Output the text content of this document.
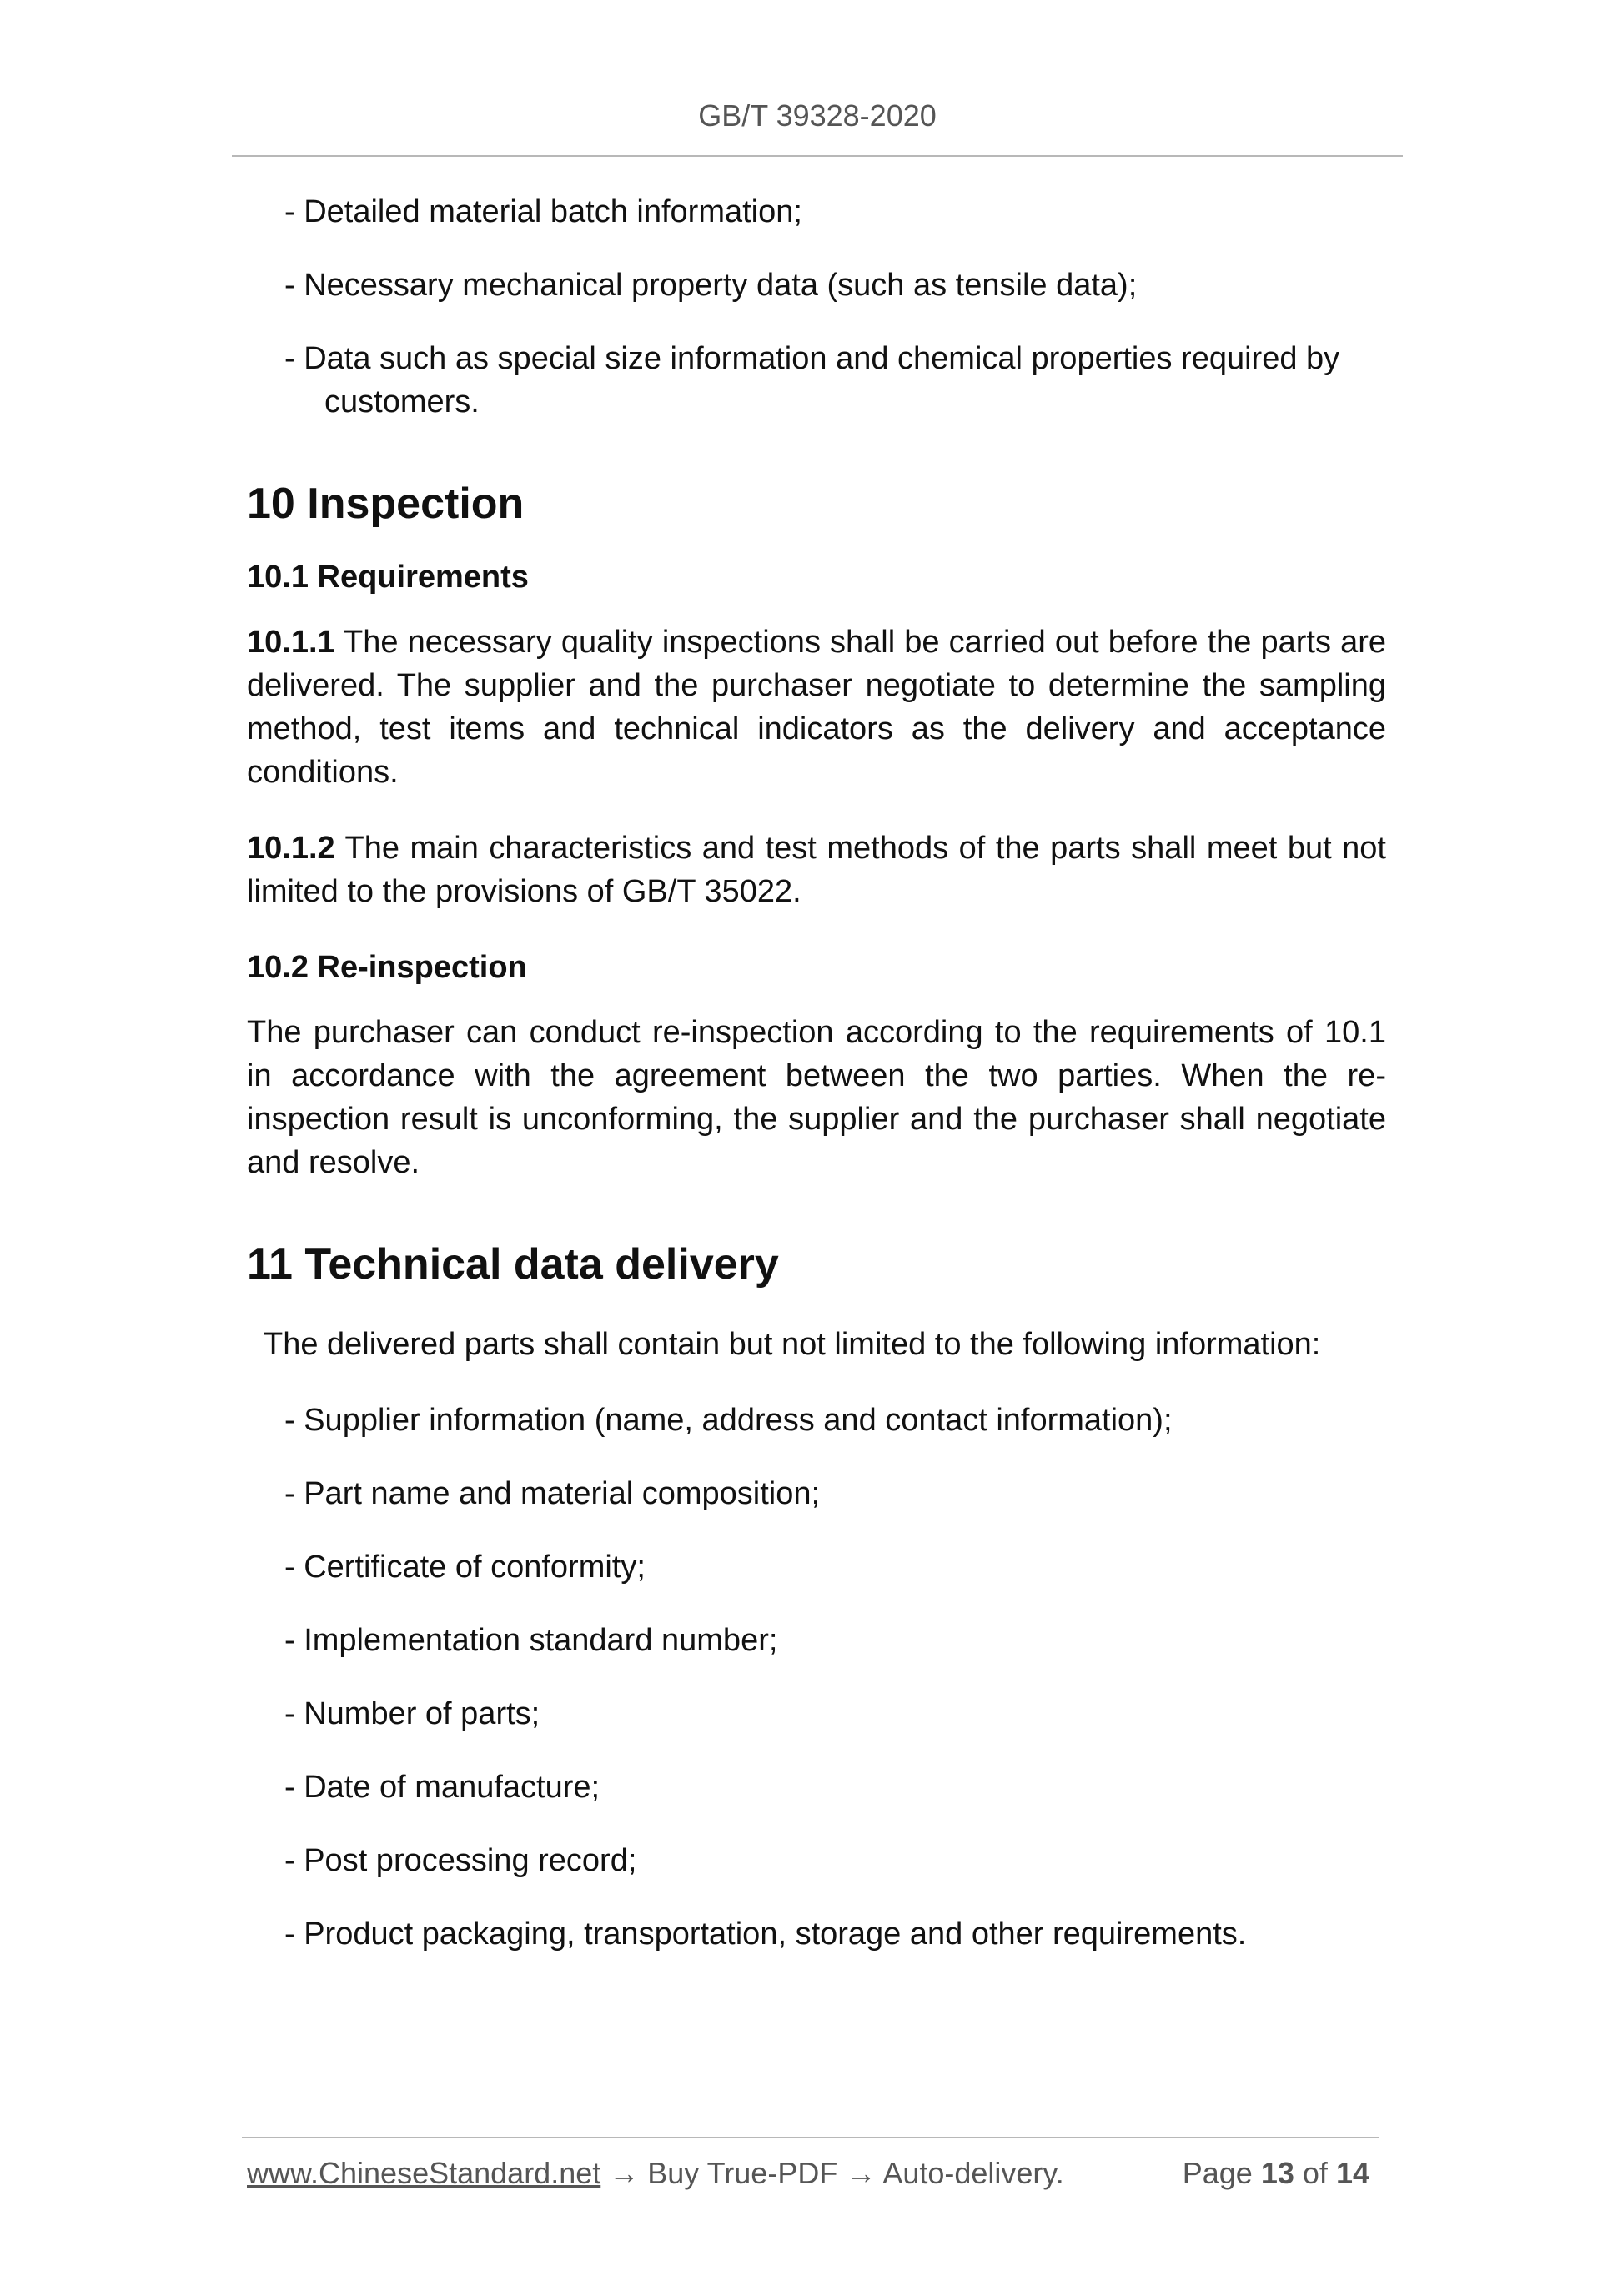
GB/T 39328-2020
- Detailed material batch information;
- Necessary mechanical property data (such as tensile data);
- Data such as special size information and chemical properties required by customers.
10 Inspection
10.1 Requirements

10.1.1 The necessary quality inspections shall be carried out before the parts are delivered. The supplier and the purchaser negotiate to determine the sampling method, test items and technical indicators as the delivery and acceptance conditions.

10.1.2 The main characteristics and test methods of the parts shall meet but not limited to the provisions of GB/T 35022.

10.2 Re-inspection

The purchaser can conduct re-inspection according to the requirements of 10.1 in accordance with the agreement between the two parties. When the re-inspection result is unconforming, the supplier and the purchaser shall negotiate and resolve.

11 Technical data delivery

The delivered parts shall contain but not limited to the following information:

- Supplier information (name, address and contact information);
- Part name and material composition;
- Certificate of conformity;
- Implementation standard number;
- Number of parts;
- Date of manufacture;
- Post processing record;
- Product packaging, transportation, storage and other requirements.
www.ChineseStandard.net → Buy True-PDF → Auto-delivery.	Page 13 of 14
